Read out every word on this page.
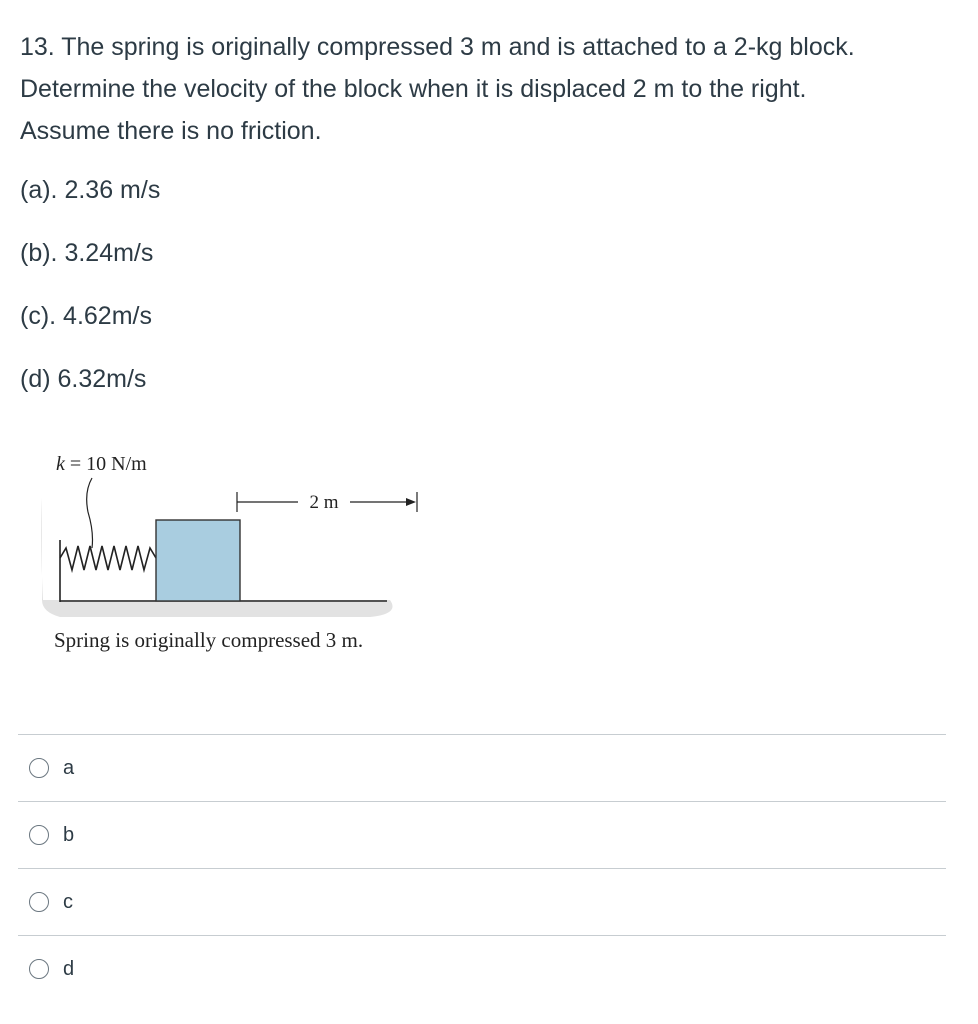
13. The spring is originally compressed 3 m and is attached to a 2-kg block.

Determine the velocity of the block when it is displaced 2 m to the right.

Assume there is no friction.

(a). 2.36 m/s
(b). 3.24m/s
(c). 4.62m/s
(d) 6.32m/s
k = 10 N/m
2 m
Spring is originally compressed 3 m.
a
b
c
d
